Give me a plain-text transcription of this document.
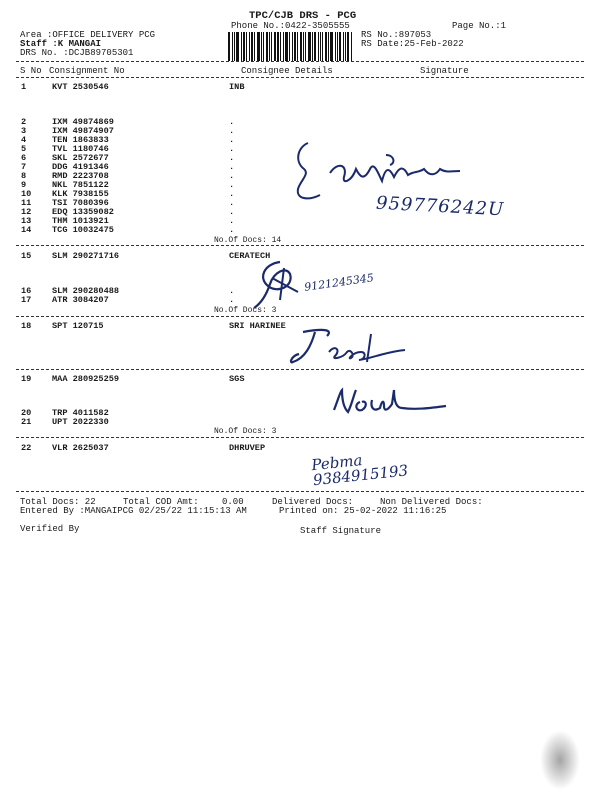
TPC/CJB DRS - PCG
Phone No.:0422-3505555	Page No.:1
Area :OFFICE DELIVERY PCG
Staff :K MANGAI
DRS No. :DCJB89705301
RS No.:897053
RS Date:25-Feb-2022
S No Consignment No	Consignee Details	Signature
1	KVT 2530546	INB
2	IXM 49874869	.
3	IXM 49874907	.
4	TEN 1863833	.
5	TVL 1180746	.
6	SKL 2572677	.
7	DDG 4191346	.
8	RMD 2223708	.
9	NKL 7851122	.
10 KLK 7938155	.
11 TSI 7080396	.
12 EDQ 13359082	.
13 THM 1013921	.
14 TCG 10032475	.
No.Of Docs: 14
959776242U
15 SLM 290271716	CERATECH
16 SLM 290280488	.
17 ATR 3084207	.
No.Of Docs: 3
9121245345
18 SPT 120715	SRI HARINEE
19 MAA 280925259	SGS
20 TRP 4011582
21 UPT 2022330
No.Of Docs: 3
22 VLR 2625037	DHRUVEP
Pebma 9384915193
Total Docs: 22	Total COD Amt:	0.00	Delivered Docs:	Non Delivered Docs:
Entered By :MANGAIPCG 02/25/22 11:15:13 AM	Printed on: 25-02-2022 11:16:25
Verified By	Staff Signature
